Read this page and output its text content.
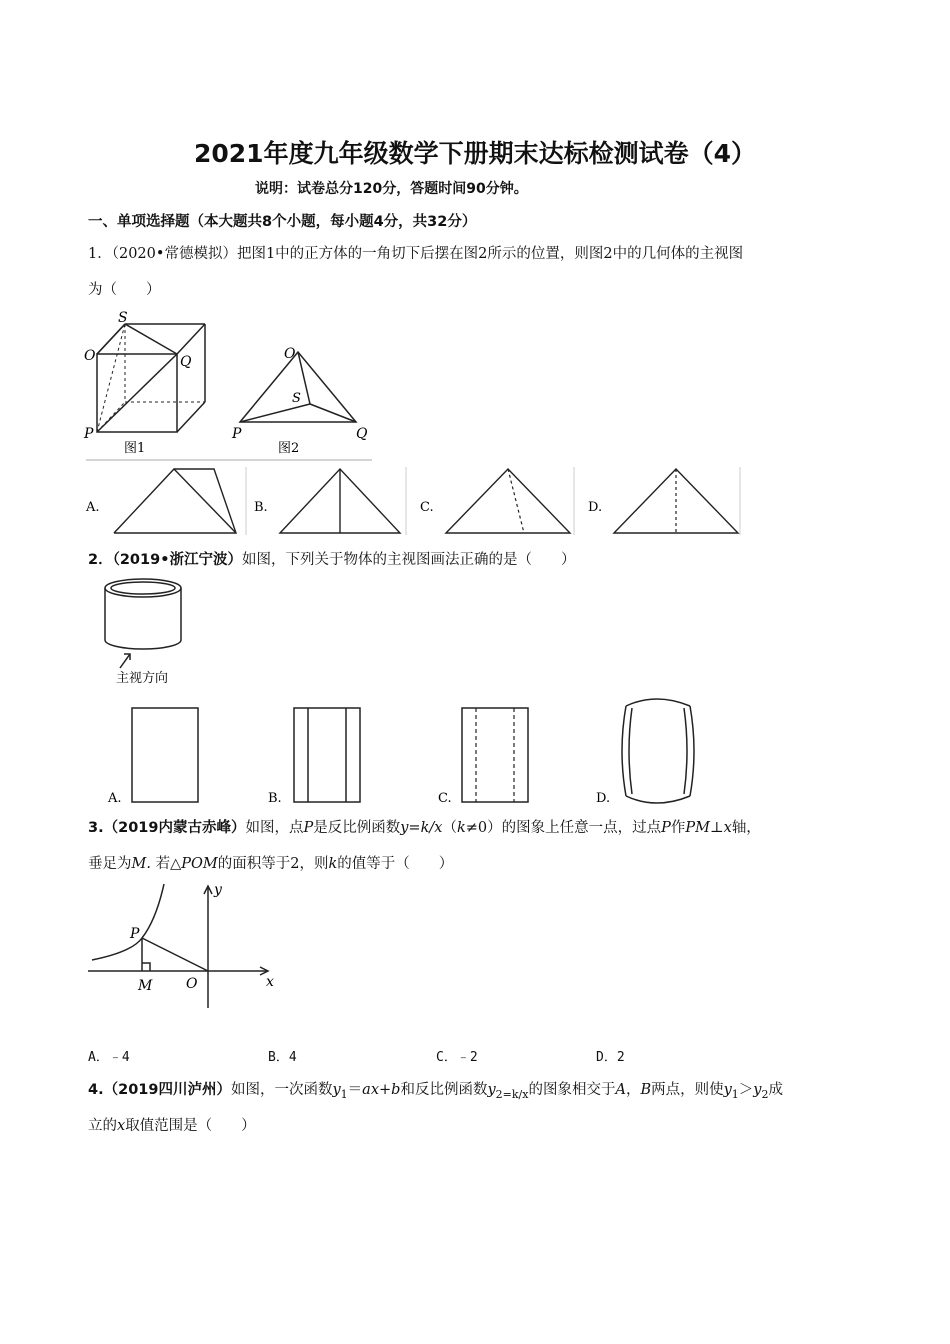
2021年度九年级数学下册期末达标检测试卷（4）
说明：试卷总分120分，答题时间90分钟。
一、单项选择题（本大题共8个小题，每小题4分，共32分）
1．（2020•常德模拟）把图1中的正方体的一角切下后摆在图2所示的位置，则图2中的几何体的主视图
为（　　）
S
O	Q
P
图1
O
S
P	Q
图2
A.	B.	C.	D.
2．（2019•浙江宁波）如图，下列关于物体的主视图画法正确的是（　　）
主视方向
A.	B.	C.	D.
3.（2019内蒙古赤峰）如图，点P是反比例函数y=k/x（k≠0）的图象上任意一点，过点P作PM⊥x轴，
垂足为M. 若△POM的面积等于2，则k的值等于（　　）
y
x
P
M O
A．﹣4	B．4	C．﹣2	D．2
4.（2019四川泸州）如图，一次函数$y_1=ax+b$和反比例函数$y_{2=k/x}$的图象相交于A，B两点，则使$y_1>y_2$成
立的x取值范围是（　　）
